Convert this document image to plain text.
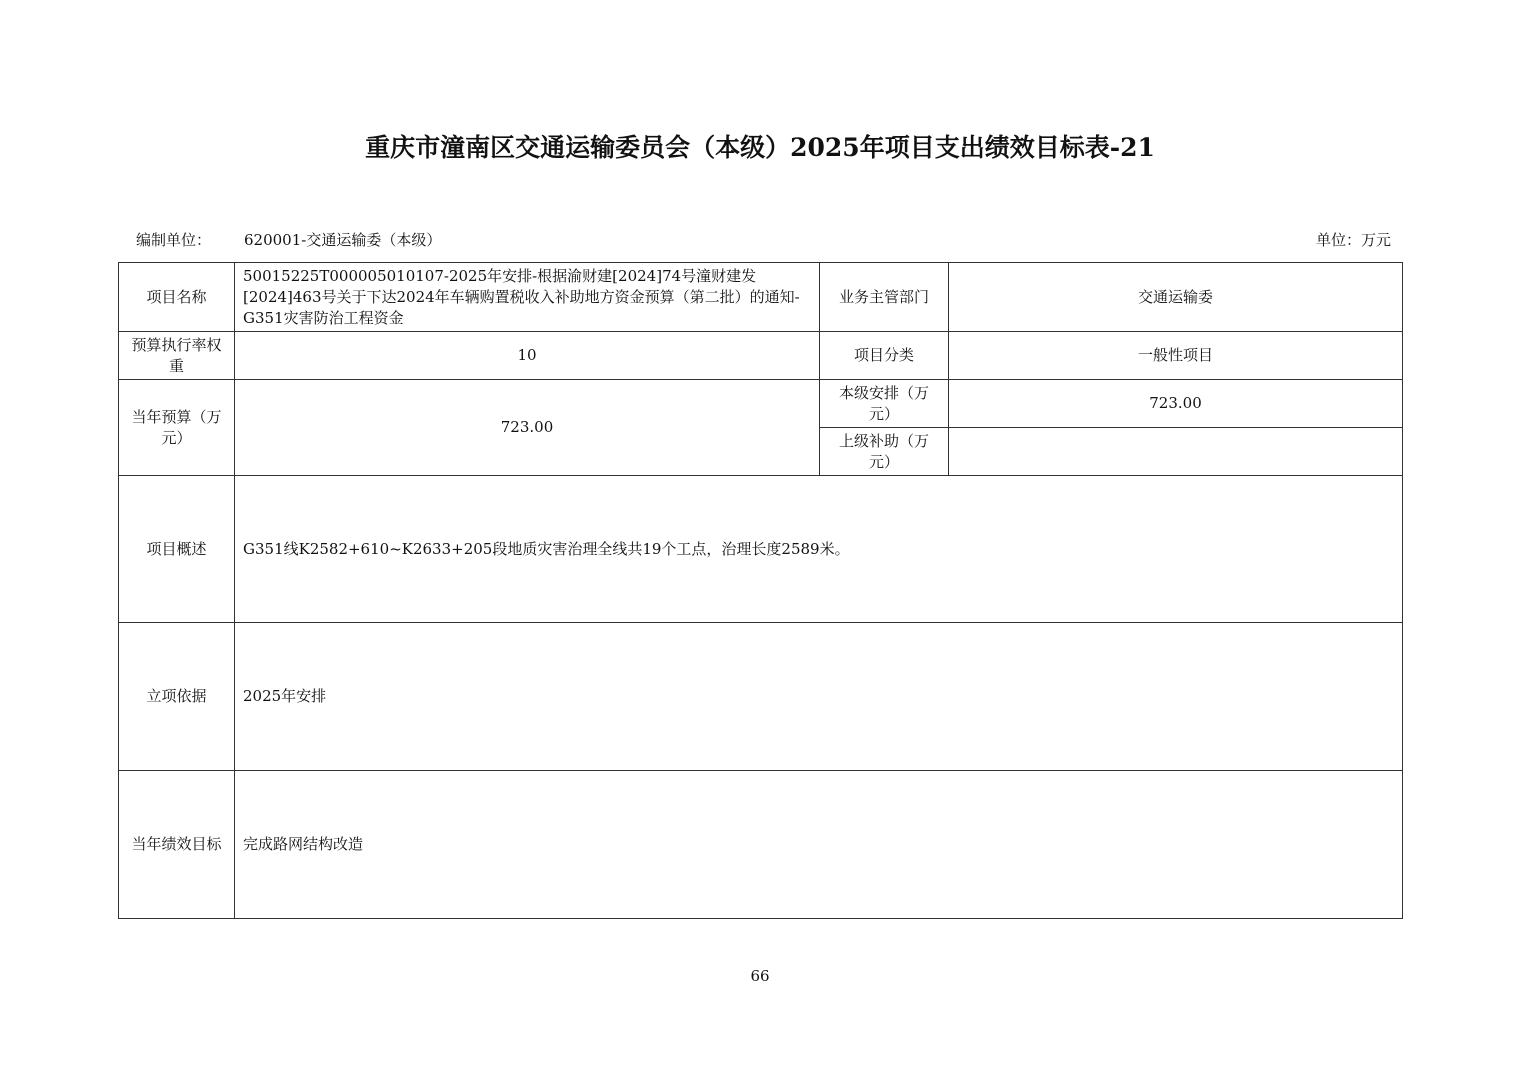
重庆市潼南区交通运输委员会（本级）2025年项目支出绩效目标表-21
编制单位： 620001-交通运输委（本级）	单位：万元
项目名称	50015225T000005010107-2025年安排-根据渝财建[2024]74号潼财建发[2024]463号关于下达2024年车辆购置税收入补助地方资金预算（第二批）的通知-G351灾害防治工程资金	业务主管部门	交通运输委
预算执行率权重	10	项目分类	一般性项目
当年预算（万元）	723.00	本级安排（万元）	723.00
		上级补助（万元）	
项目概述	G351线K2582+610~K2633+205段地质灾害治理全线共19个工点，治理长度2589米。		
立项依据	2025年安排		
当年绩效目标	完成路网结构改造		
66
